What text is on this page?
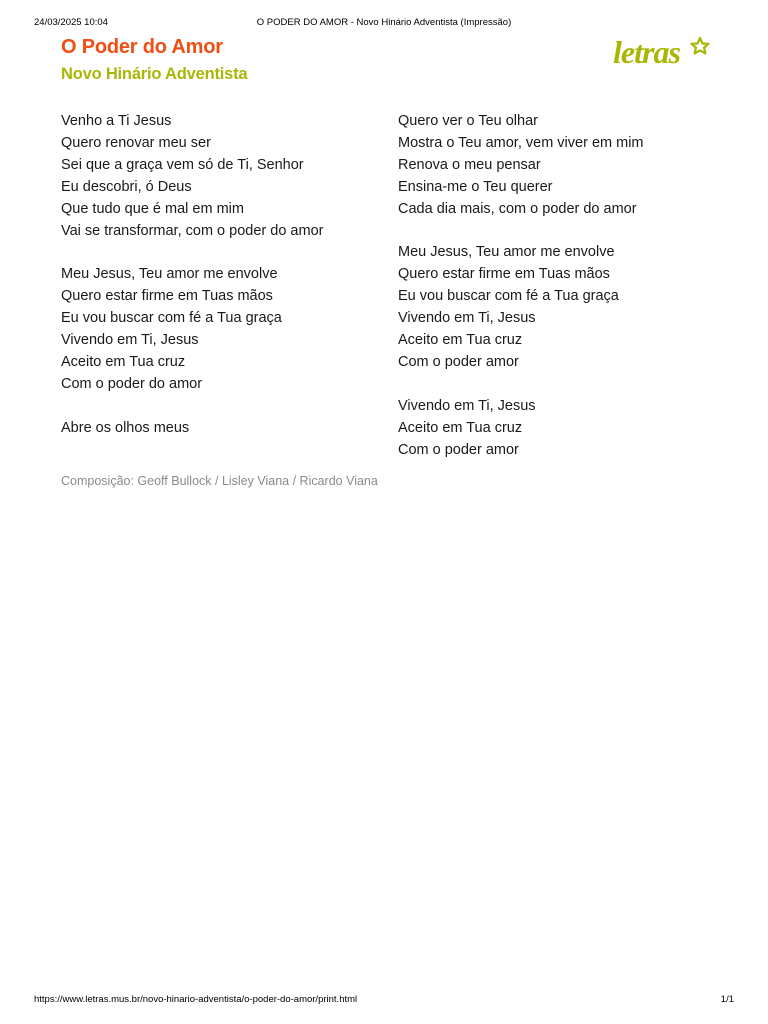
24/03/2025 10:04	O PODER DO AMOR - Novo Hinário Adventista (Impressão)
O Poder do Amor
Novo Hinário Adventista
letras

Venho a Ti Jesus
Quero renovar meu ser
Sei que a graça vem só de Ti, Senhor
Eu descobri, ó Deus
Que tudo que é mal em mim
Vai se transformar, com o poder do amor

Meu Jesus, Teu amor me envolve
Quero estar firme em Tuas mãos
Eu vou buscar com fé a Tua graça
Vivendo em Ti, Jesus
Aceito em Tua cruz
Com o poder do amor

Abre os olhos meus

Quero ver o Teu olhar
Mostra o Teu amor, vem viver em mim
Renova o meu pensar
Ensina-me o Teu querer
Cada dia mais, com o poder do amor

Meu Jesus, Teu amor me envolve
Quero estar firme em Tuas mãos
Eu vou buscar com fé a Tua graça
Vivendo em Ti, Jesus
Aceito em Tua cruz
Com o poder amor

Vivendo em Ti, Jesus
Aceito em Tua cruz
Com o poder amor

Composição: Geoff Bullock / Lisley Viana / Ricardo Viana
https://www.letras.mus.br/novo-hinario-adventista/o-poder-do-amor/print.html	1/1
